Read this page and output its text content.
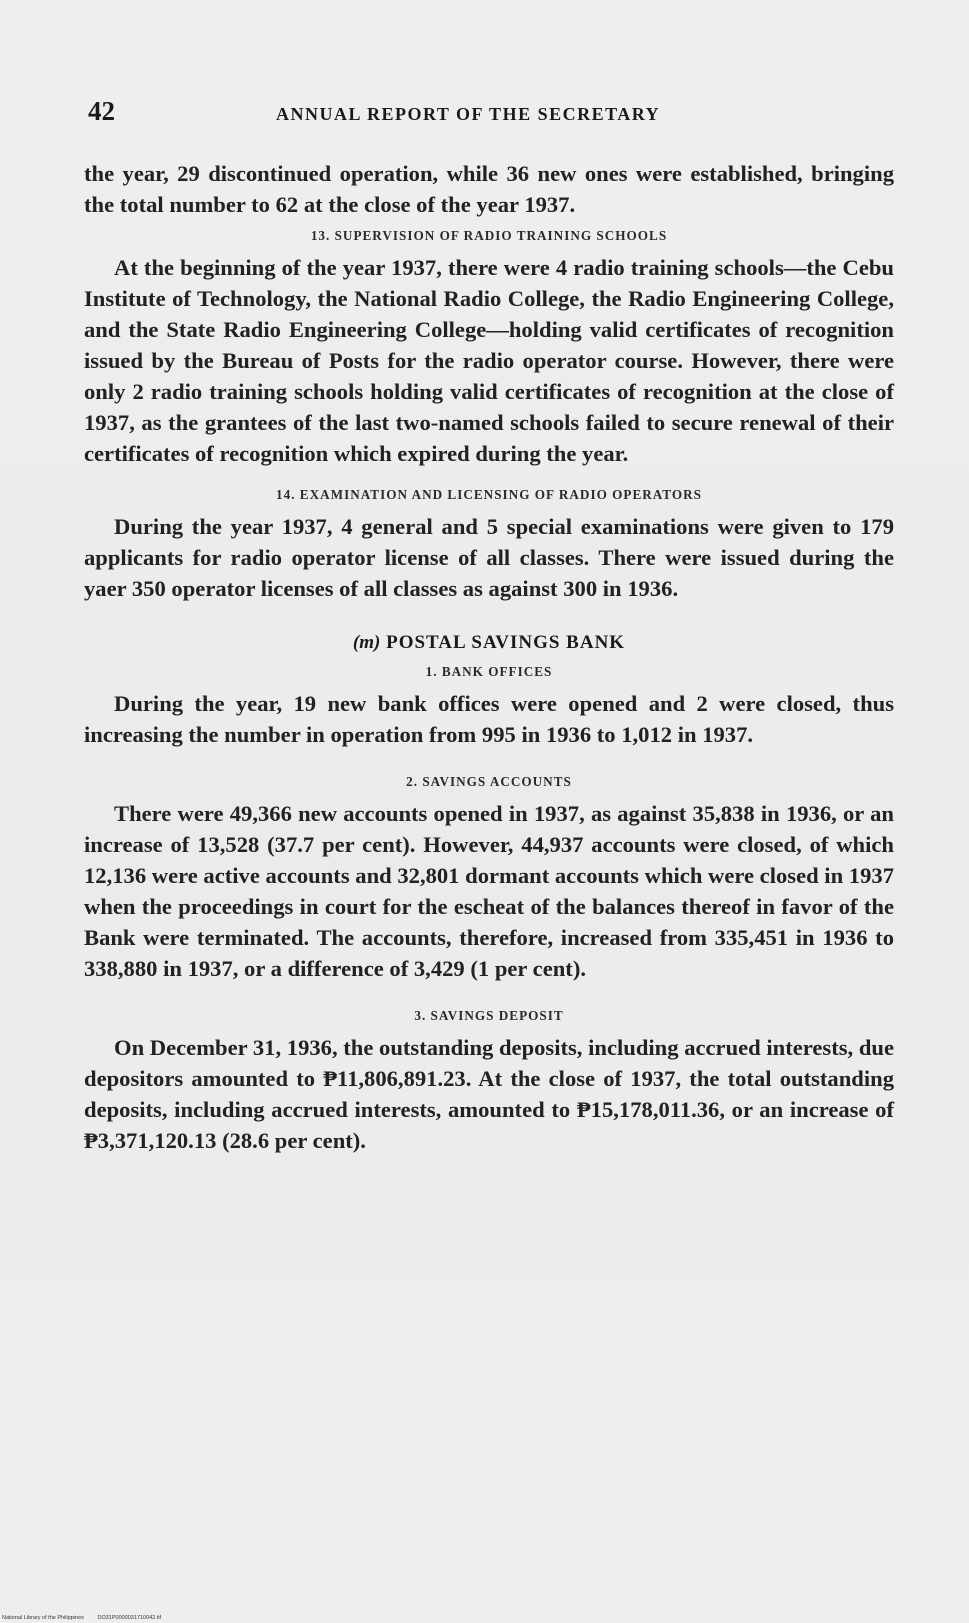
42	ANNUAL REPORT OF THE SECRETARY

the year, 29 discontinued operation, while 36 new ones were established, bringing the total number to 62 at the close of the year 1937.

13. SUPERVISION OF RADIO TRAINING SCHOOLS

At the beginning of the year 1937, there were 4 radio training schools—the Cebu Institute of Technology, the National Radio College, the Radio Engineering College, and the State Radio Engineering College—holding valid certificates of recognition issued by the Bureau of Posts for the radio operator course. However, there were only 2 radio training schools holding valid certificates of recognition at the close of 1937, as the grantees of the last two-named schools failed to secure renewal of their certificates of recognition which expired during the year.

14. EXAMINATION AND LICENSING OF RADIO OPERATORS

During the year 1937, 4 general and 5 special examinations were given to 179 applicants for radio operator license of all classes. There were issued during the yaer 350 operator licenses of all classes as against 300 in 1936.

(m) POSTAL SAVINGS BANK
1. BANK OFFICES

During the year, 19 new bank offices were opened and 2 were closed, thus increasing the number in operation from 995 in 1936 to 1,012 in 1937.

2. SAVINGS ACCOUNTS

There were 49,366 new accounts opened in 1937, as against 35,838 in 1936, or an increase of 13,528 (37.7 per cent). However, 44,937 accounts were closed, of which 12,136 were active accounts and 32,801 dormant accounts which were closed in 1937 when the proceedings in court for the escheat of the balances thereof in favor of the Bank were terminated. The accounts, therefore, increased from 335,451 in 1936 to 338,880 in 1937, or a difference of 3,429 (1 per cent).

3. SAVINGS DEPOSIT

On December 31, 1936, the outstanding deposits, including accrued interests, due depositors amounted to ₱11,806,891.23. At the close of 1937, the total outstanding deposits, including accrued interests, amounted to ₱15,178,011.36, or an increase of ₱3,371,120.13 (28.6 per cent).

National Library of the Philippines DO31P0000031710042.tif
